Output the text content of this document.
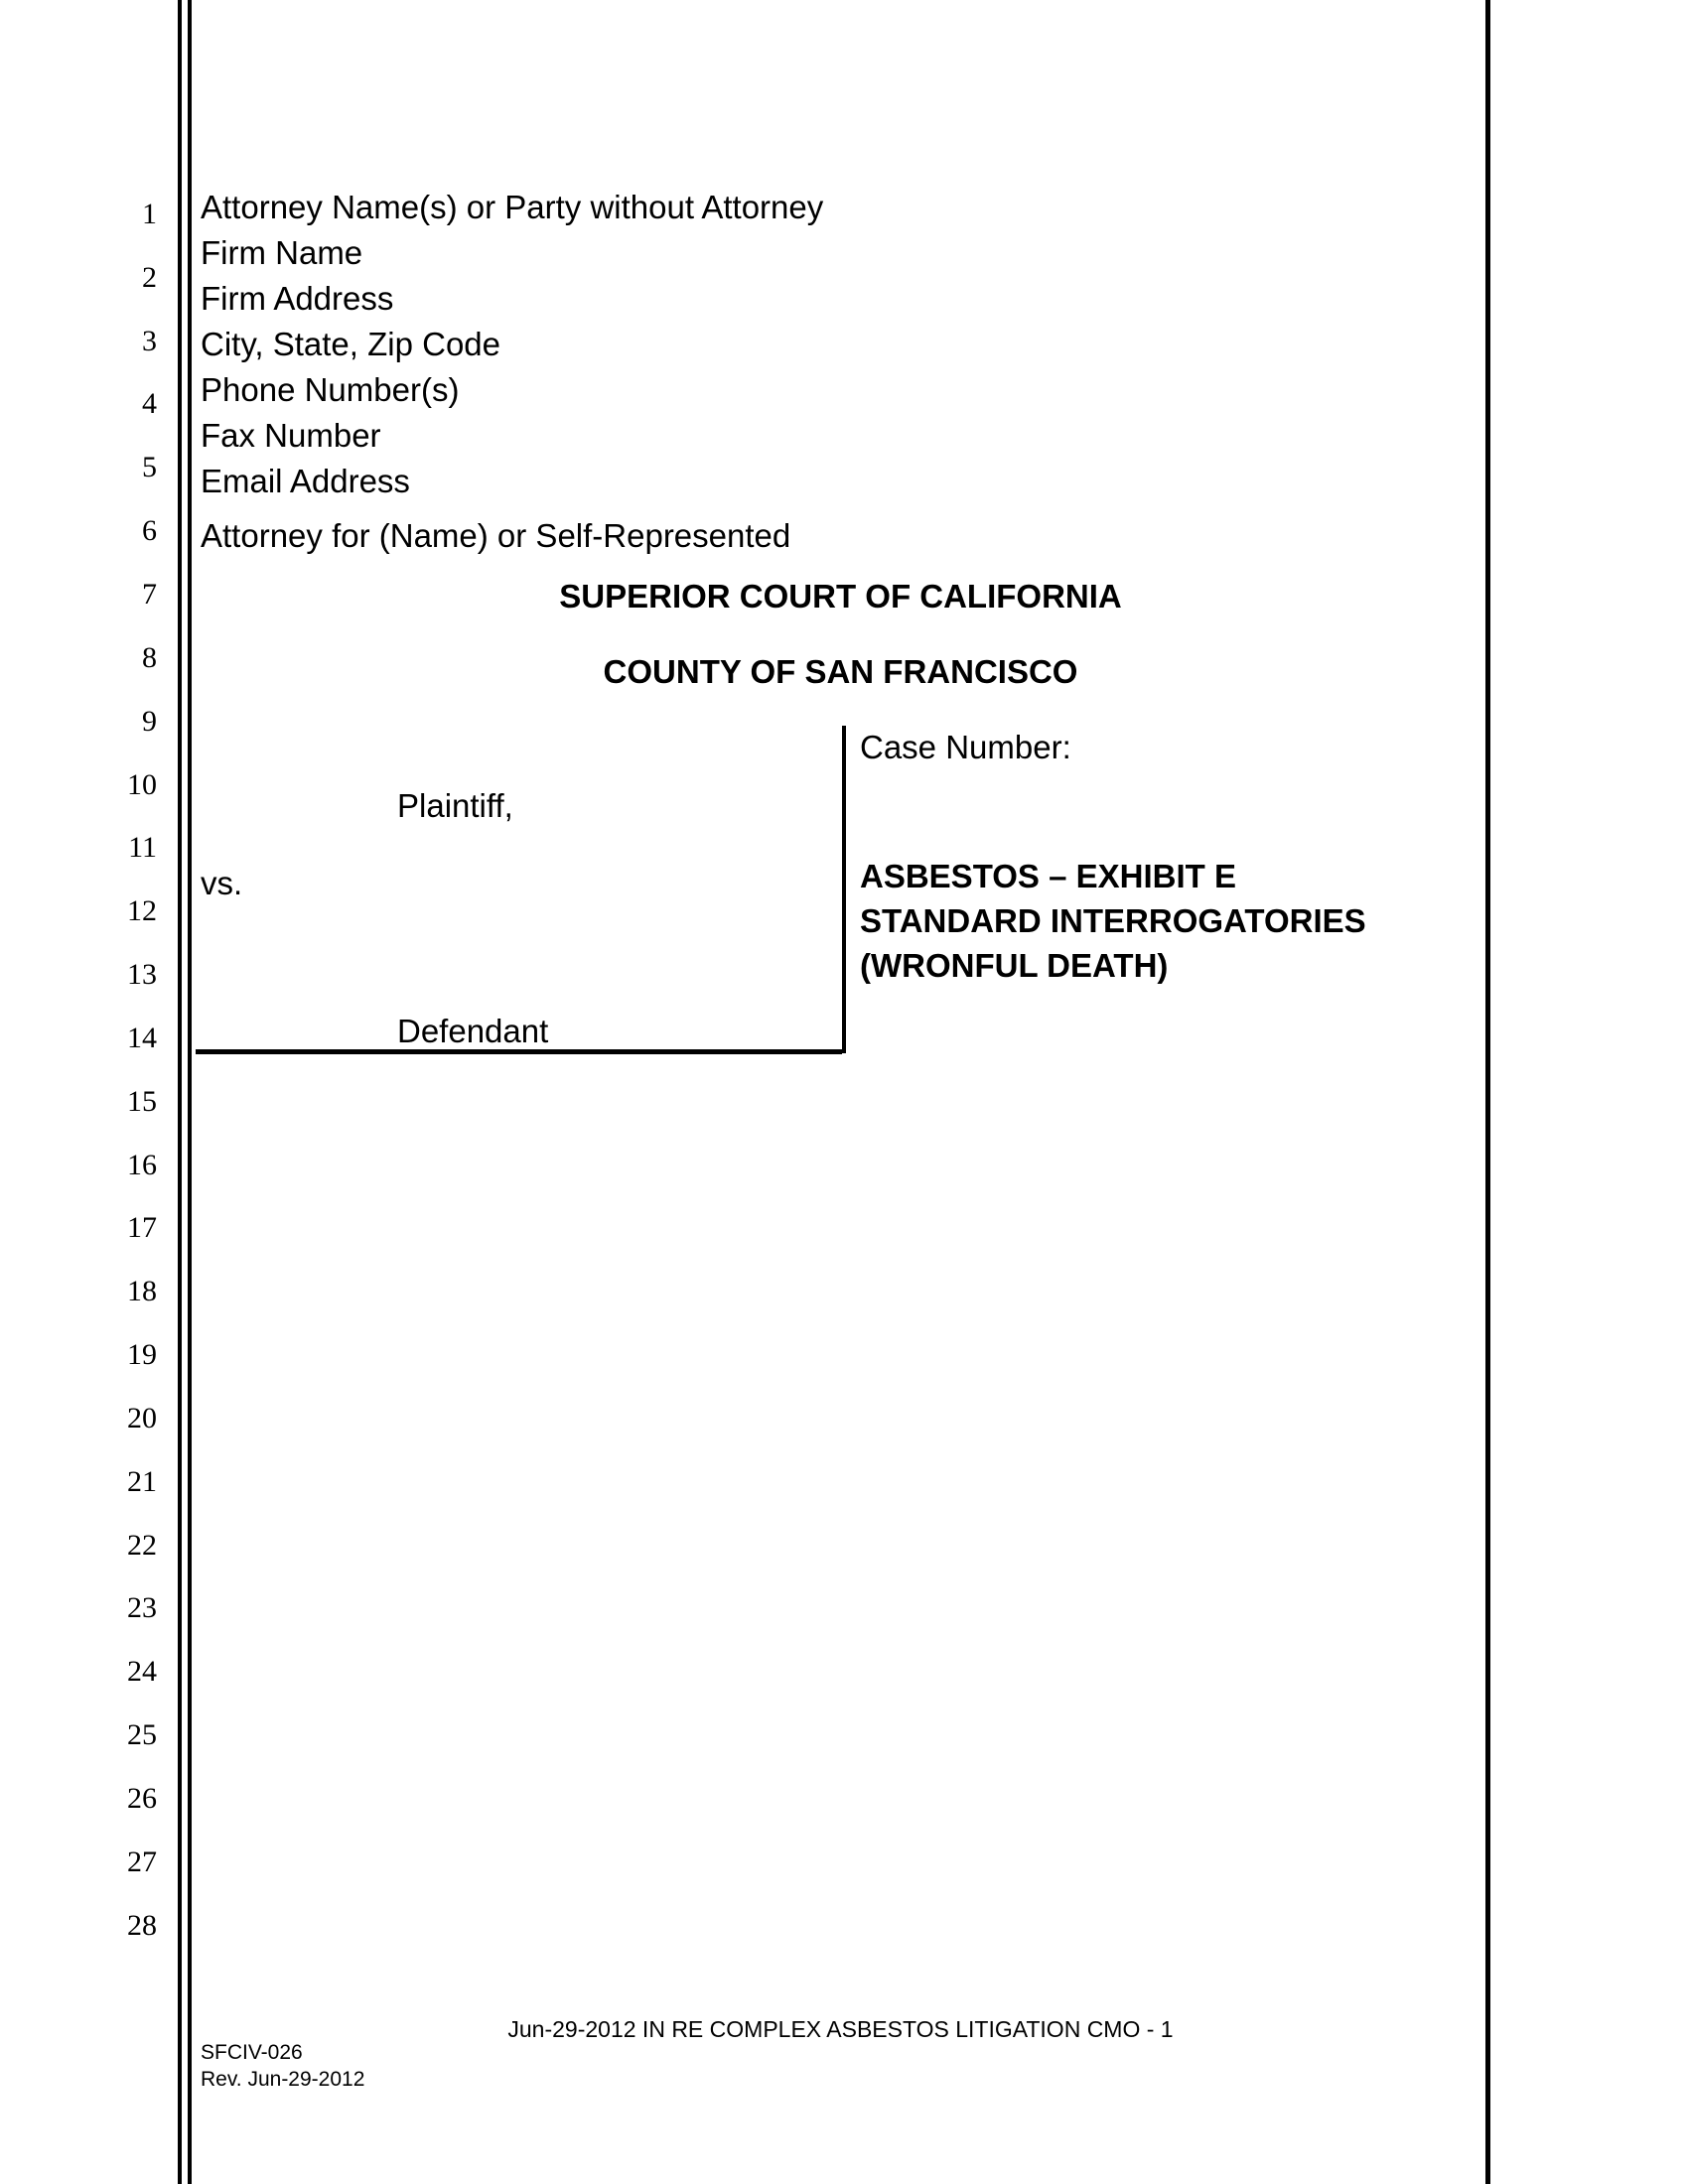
1
2
3
4
5
6
7
8
9
10
11
12
13
14
15
16
17
18
19
20
21
22
23
24
25
26
27
28
Attorney Name(s) or Party without Attorney
Firm Name
Firm Address
City, State, Zip Code
Phone Number(s)
Fax Number
Email Address
Attorney for (Name) or Self-Represented
SUPERIOR COURT OF CALIFORNIA
COUNTY OF SAN FRANCISCO
Plaintiff,
vs.
Defendant
Case Number:
ASBESTOS – EXHIBIT E
STANDARD INTERROGATORIES
(WRONFUL DEATH)
Jun-29-2012 IN RE COMPLEX ASBESTOS LITIGATION CMO - 1
SFCIV-026
Rev. Jun-29-2012
